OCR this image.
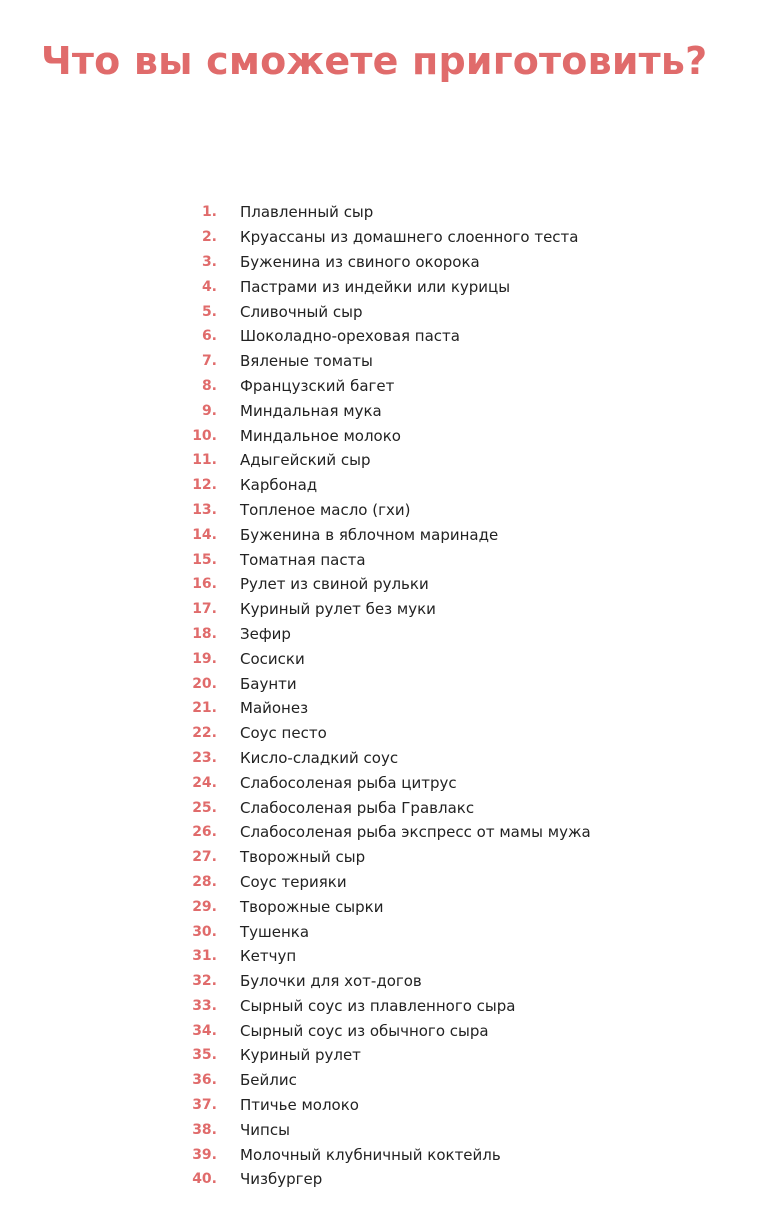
Что вы сможете приготовить?
1. Плавленный сыр
2. Круассаны из домашнего слоенного теста
3. Буженина из свиного окорока
4. Пастрами из индейки или курицы
5. Сливочный сыр
6. Шоколадно-ореховая паста
7. Вяленые томаты
8. Французский багет
9. Миндальная мука
10. Миндальное молоко
11. Адыгейский сыр
12. Карбонад
13. Топленое масло (гхи)
14. Буженина в яблочном маринаде
15. Томатная паста
16. Рулет из свиной рульки
17. Куриный рулет без муки
18. Зефир
19. Сосиски
20. Баунти
21. Майонез
22. Соус песто
23. Кисло-сладкий соус
24. Слабосоленая рыба цитрус
25. Слабосоленая рыба Гравлакс
26. Слабосоленая рыба экспресс от мамы мужа
27. Творожный сыр
28. Соус терияки
29. Творожные сырки
30. Тушенка
31. Кетчуп
32. Булочки для хот-догов
33. Сырный соус из плавленного сыра
34. Сырный соус из обычного сыра
35. Куриный рулет
36. Бейлис
37. Птичье молоко
38. Чипсы
39. Молочный клубничный коктейль
40. Чизбургер
